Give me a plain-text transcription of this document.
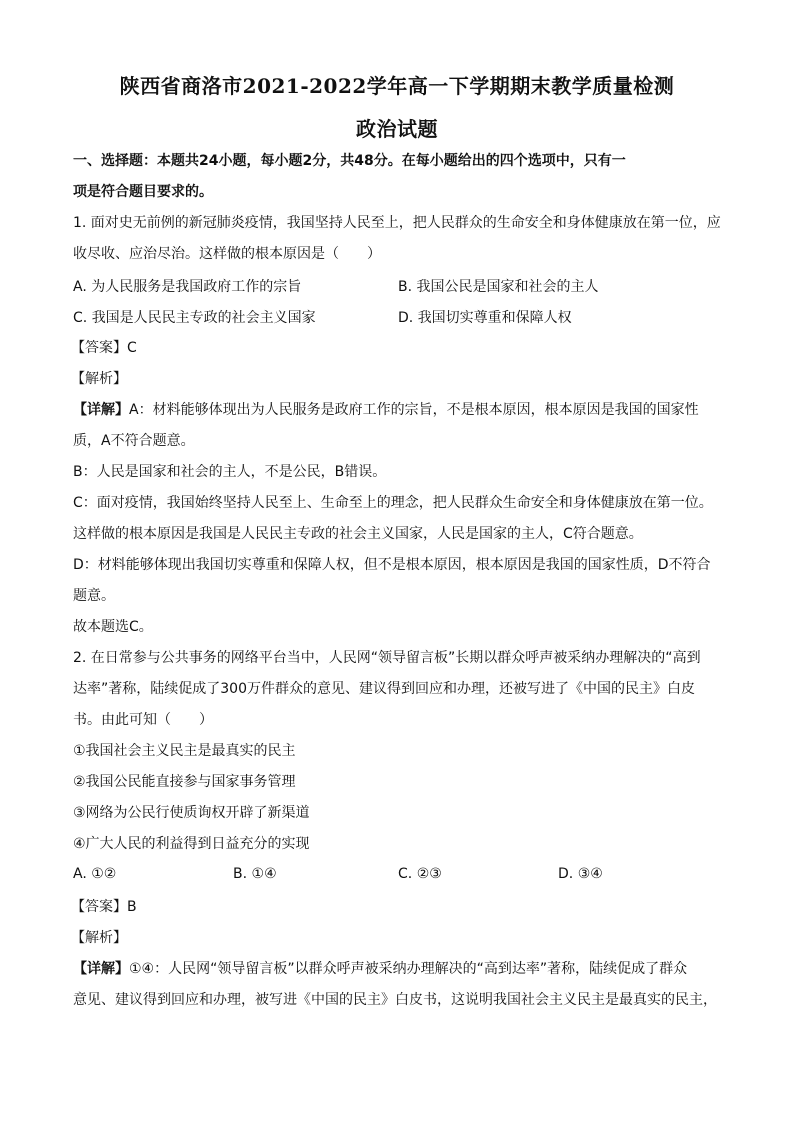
陕西省商洛市2021-2022学年高一下学期期末教学质量检测
政治试题
一、选择题：本题共24小题，每小题2分，共48分。在每小题给出的四个选项中，只有一
项是符合题目要求的。
1. 面对史无前例的新冠肺炎疫情，我国坚持人民至上，把人民群众的生命安全和身体健康放在第一位，应
收尽收、应治尽治。这样做的根本原因是（　　）
A. 为人民服务是我国政府工作的宗旨	B. 我国公民是国家和社会的主人
C. 我国是人民民主专政的社会主义国家	D. 我国切实尊重和保障人权
【答案】C
【解析】
【详解】A：材料能够体现出为人民服务是政府工作的宗旨，不是根本原因，根本原因是我国的国家性
质，A不符合题意。
B：人民是国家和社会的主人，不是公民，B错误。
C：面对疫情，我国始终坚持人民至上、生命至上的理念，把人民群众生命安全和身体健康放在第一位。
这样做的根本原因是我国是人民民主专政的社会主义国家，人民是国家的主人，C符合题意。
D：材料能够体现出我国切实尊重和保障人权，但不是根本原因，根本原因是我国的国家性质，D不符合
题意。
故本题选C。
2. 在日常参与公共事务的网络平台当中，人民网“领导留言板”长期以群众呼声被采纳办理解决的“高到
达率”著称，陆续促成了300万件群众的意见、建议得到回应和办理，还被写进了《中国的民主》白皮
书。由此可知（　　）
①我国社会主义民主是最真实的民主
②我国公民能直接参与国家事务管理
③网络为公民行使质询权开辟了新渠道
④广大人民的利益得到日益充分的实现
A. ①②	B. ①④	C. ②③	D. ③④
【答案】B
【解析】
【详解】①④：人民网“领导留言板”以群众呼声被采纳办理解决的“高到达率”著称，陆续促成了群众
意见、建议得到回应和办理，被写进《中国的民主》白皮书，这说明我国社会主义民主是最真实的民主，
